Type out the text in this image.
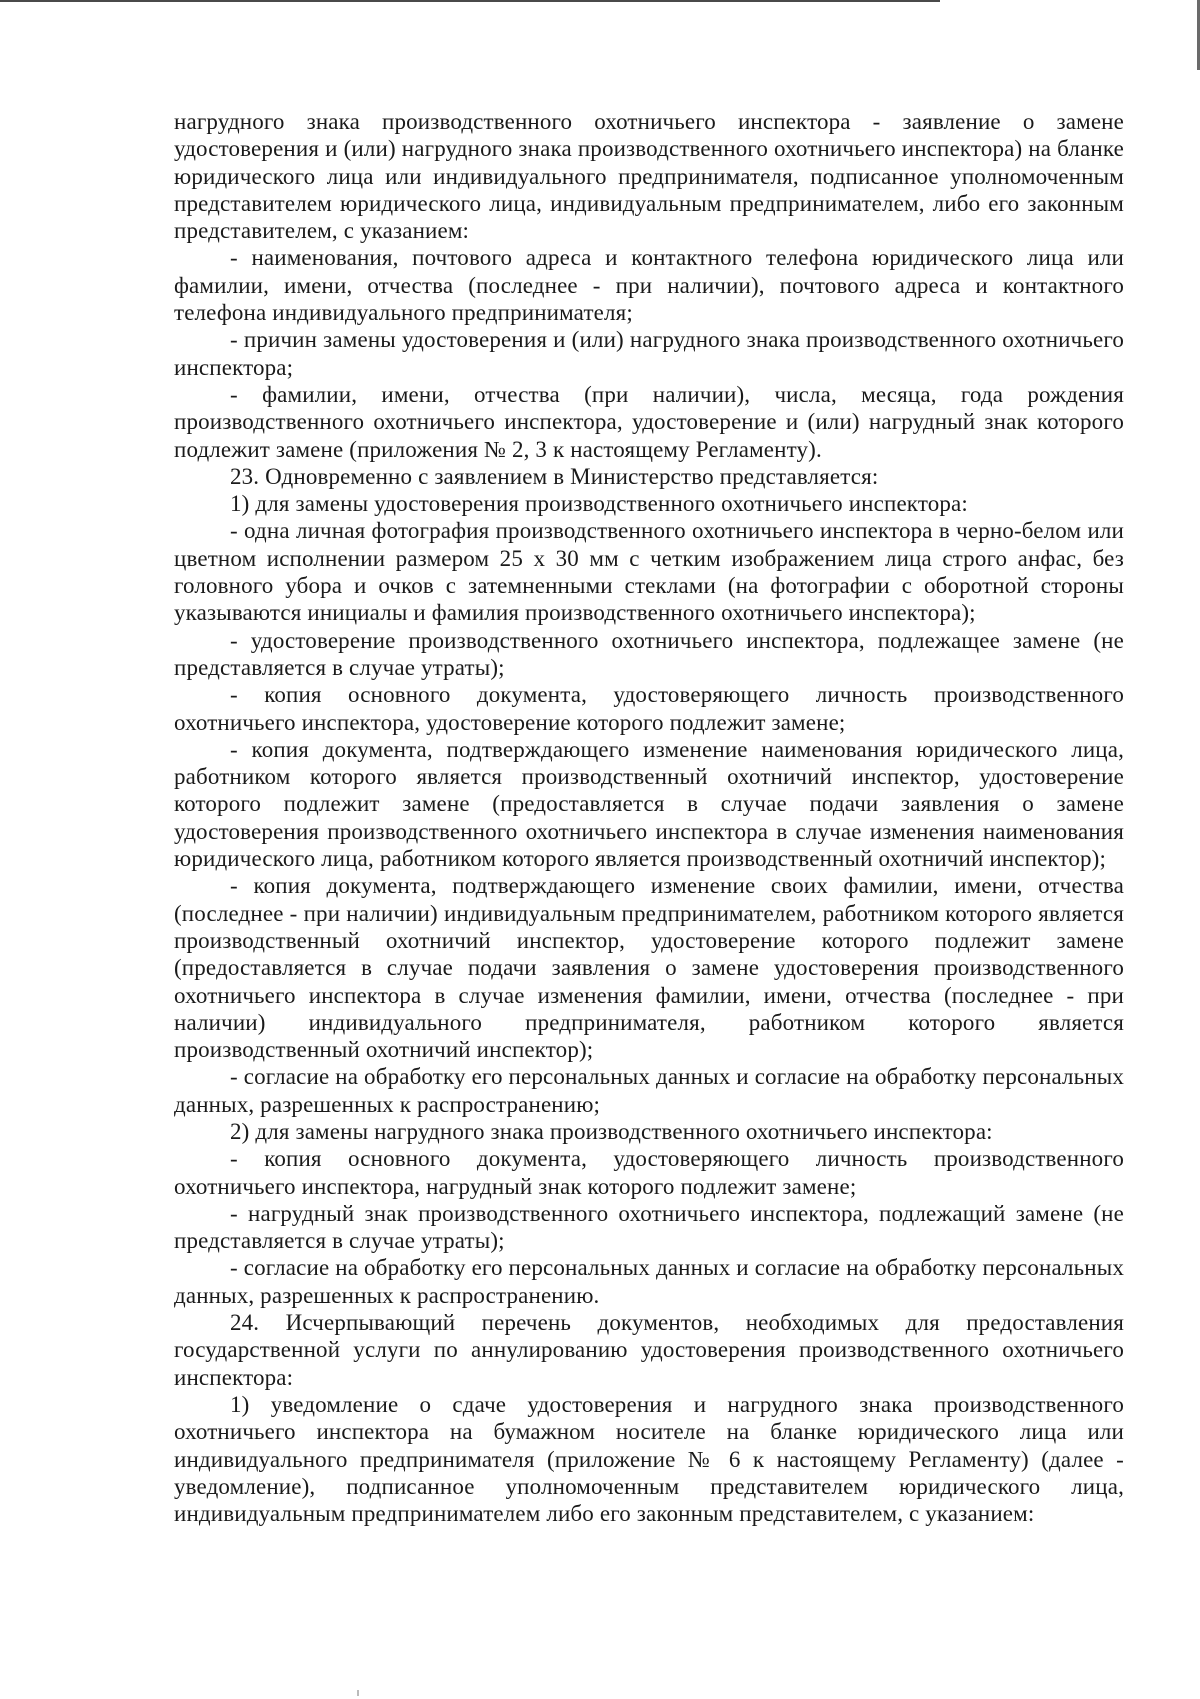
нагрудного знака производственного охотничьего инспектора - заявление о замене удостоверения и (или) нагрудного знака производственного охотничьего инспектора) на бланке юридического лица или индивидуального предпринимателя, подписанное уполномоченным представителем юридического лица, индивидуальным предпринимателем, либо его законным представителем, с указанием:

- наименования, почтового адреса и контактного телефона юридического лица или фамилии, имени, отчества (последнее - при наличии), почтового адреса и контактного телефона индивидуального предпринимателя;

- причин замены удостоверения и (или) нагрудного знака производственного охотничьего инспектора;

- фамилии, имени, отчества (при наличии), числа, месяца, года рождения производственного охотничьего инспектора, удостоверение и (или) нагрудный знак которого подлежит замене (приложения № 2, 3 к настоящему Регламенту).

23. Одновременно с заявлением в Министерство представляется:

1) для замены удостоверения производственного охотничьего инспектора:

- одна личная фотография производственного охотничьего инспектора в черно-белом или цветном исполнении размером 25 х 30 мм с четким изображением лица строго анфас, без головного убора и очков с затемненными стеклами (на фотографии с оборотной стороны указываются инициалы и фамилия производственного охотничьего инспектора);

- удостоверение производственного охотничьего инспектора, подлежащее замене (не представляется в случае утраты);

- копия основного документа, удостоверяющего личность производственного охотничьего инспектора, удостоверение которого подлежит замене;

- копия документа, подтверждающего изменение наименования юридического лица, работником которого является производственный охотничий инспектор, удостоверение которого подлежит замене (предоставляется в случае подачи заявления о замене удостоверения производственного охотничьего инспектора в случае изменения наименования юридического лица, работником которого является производственный охотничий инспектор);

- копия документа, подтверждающего изменение своих фамилии, имени, отчества (последнее - при наличии) индивидуальным предпринимателем, работником которого является производственный охотничий инспектор, удостоверение которого подлежит замене (предоставляется в случае подачи заявления о замене удостоверения производственного охотничьего инспектора в случае изменения фамилии, имени, отчества (последнее - при наличии) индивидуального предпринимателя, работником которого является производственный охотничий инспектор);

- согласие на обработку его персональных данных и согласие на обработку персональных данных, разрешенных к распространению;

2) для замены нагрудного знака производственного охотничьего инспектора:

- копия основного документа, удостоверяющего личность производственного охотничьего инспектора, нагрудный знак которого подлежит замене;

- нагрудный знак производственного охотничьего инспектора, подлежащий замене (не представляется в случае утраты);

- согласие на обработку его персональных данных и согласие на обработку персональных данных, разрешенных к распространению.

24. Исчерпывающий перечень документов, необходимых для предоставления государственной услуги по аннулированию удостоверения производственного охотничьего инспектора:

1) уведомление о сдаче удостоверения и нагрудного знака производственного охотничьего инспектора на бумажном носителе на бланке юридического лица или индивидуального предпринимателя (приложение № 6 к настоящему Регламенту) (далее - уведомление), подписанное уполномоченным представителем юридического лица, индивидуальным предпринимателем либо его законным представителем, с указанием:
